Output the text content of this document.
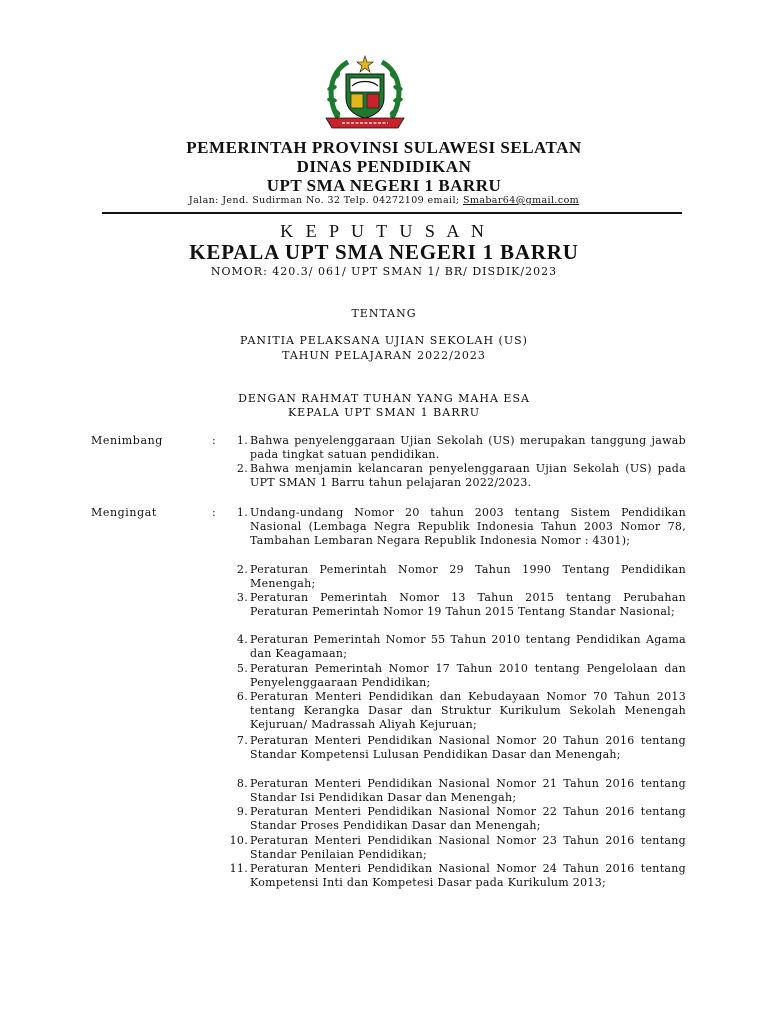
PEMERINTAH PROVINSI SULAWESI SELATAN
DINAS PENDIDIKAN
UPT SMA NEGERI 1 BARRU
Jalan: Jend. Sudirman No. 32 Telp. 04272109 email; Smabar64@gmail.com
K E P U T U S A N
KEPALA UPT SMA NEGERI 1 BARRU
NOMOR: 420.3/ 061/ UPT SMAN 1/ BR/ DISDIK/2023
TENTANG
PANITIA PELAKSANA UJIAN SEKOLAH (US)
TAHUN PELAJARAN 2022/2023
DENGAN RAHMAT TUHAN YANG MAHA ESA
KEPALA UPT SMAN 1 BARRU
Menimbang	:	1. Bahwa penyelenggaraan Ujian Sekolah (US) merupakan tanggung jawab pada tingkat satuan pendidikan.
2. Bahwa menjamin kelancaran penyelenggaraan Ujian Sekolah (US) pada UPT SMAN 1 Barru tahun pelajaran 2022/2023.
Mengingat	:	1. Undang-undang Nomor 20 tahun 2003 tentang Sistem Pendidikan Nasional (Lembaga Negra Republik Indonesia Tahun 2003 Nomor 78, Tambahan Lembaran Negara Republik Indonesia Nomor : 4301);
2. Peraturan Pemerintah Nomor 29 Tahun 1990 Tentang Pendidikan Menengah;
3. Peraturan Pemerintah Nomor 13 Tahun 2015 tentang Perubahan Peraturan Pemerintah Nomor 19 Tahun 2015 Tentang Standar Nasional;
4. Peraturan Pemerintah Nomor 55 Tahun 2010 tentang Pendidikan Agama dan Keagamaan;
5. Peraturan Pemerintah Nomor 17 Tahun 2010 tentang Pengelolaan dan Penyelenggaaraan Pendidikan;
6. Peraturan Menteri Pendidikan dan Kebudayaan Nomor 70 Tahun 2013 tentang Kerangka Dasar dan Struktur Kurikulum Sekolah Menengah Kejuruan/ Madrassah Aliyah Kejuruan;
7. Peraturan Menteri Pendidikan Nasional Nomor 20 Tahun 2016 tentang Standar Kompetensi Lulusan Pendidikan Dasar dan Menengah;
8. Peraturan Menteri Pendidikan Nasional Nomor 21 Tahun 2016 tentang Standar Isi Pendidikan Dasar dan Menengah;
9. Peraturan Menteri Pendidikan Nasional Nomor 22 Tahun 2016 tentang Standar Proses Pendidikan Dasar dan Menengah;
10. Peraturan Menteri Pendidikan Nasional Nomor 23 Tahun 2016 tentang Standar Penilaian Pendidikan;
11. Peraturan Menteri Pendidikan Nasional Nomor 24 Tahun 2016 tentang Kompetensi Inti dan Kompetesi Dasar pada Kurikulum 2013;
